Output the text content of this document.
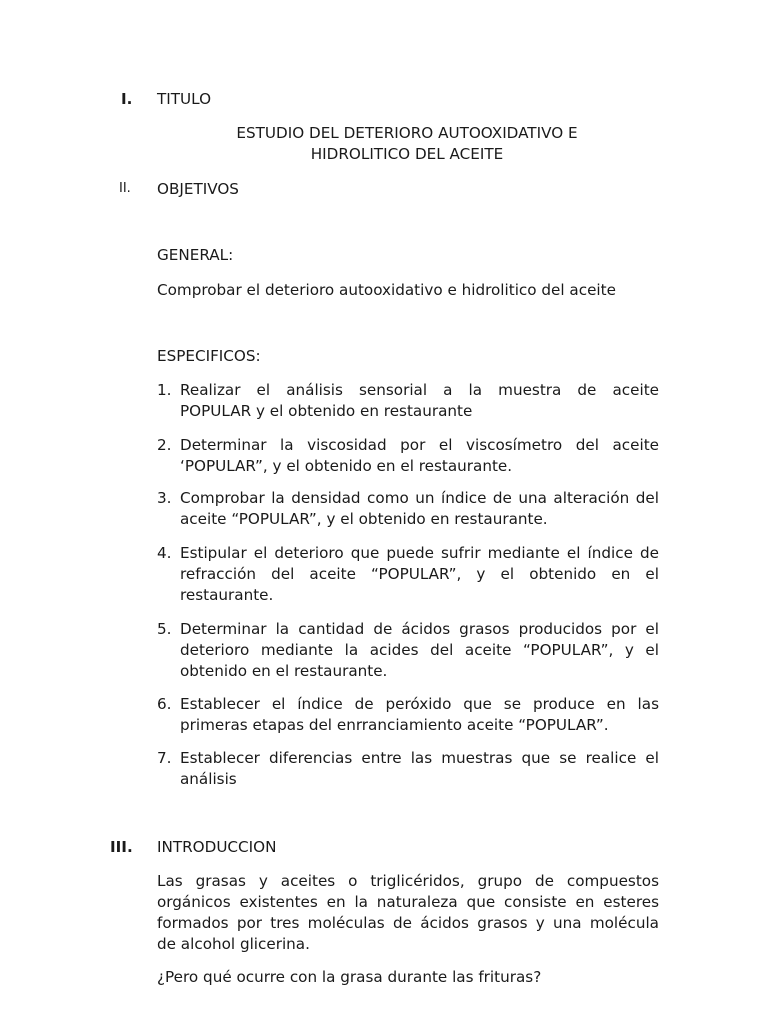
I. TITULO
ESTUDIO DEL DETERIORO AUTOOXIDATIVO E
HIDROLITICO DEL ACEITE
II. OBJETIVOS
GENERAL:
Comprobar el deterioro autooxidativo e hidrolitico del aceite
ESPECIFICOS:
1. Realizar el análisis sensorial a la muestra de aceite
POPULAR y el obtenido en restaurante
2. Determinar la viscosidad por el viscosímetro del aceite
‘POPULAR”, y el obtenido en el restaurante.
3. Comprobar la densidad como un índice de una alteración del
aceite “POPULAR”, y el obtenido en restaurante.
4. Estipular el deterioro que puede sufrir mediante el índice de
refracción del aceite “POPULAR”, y el obtenido en el
restaurante.
5. Determinar la cantidad de ácidos grasos producidos por el
deterioro mediante la acides del aceite “POPULAR”, y el
obtenido en el restaurante.
6. Establecer el índice de peróxido que se produce en las
primeras etapas del enrranciamiento aceite “POPULAR”.
7. Establecer diferencias entre las muestras que se realice el
análisis
III. INTRODUCCION
Las grasas y aceites o triglicéridos, grupo de compuestos
orgánicos existentes en la naturaleza que consiste en esteres
formados por tres moléculas de ácidos grasos y una molécula
de alcohol glicerina.
¿Pero qué ocurre con la grasa durante las frituras?
